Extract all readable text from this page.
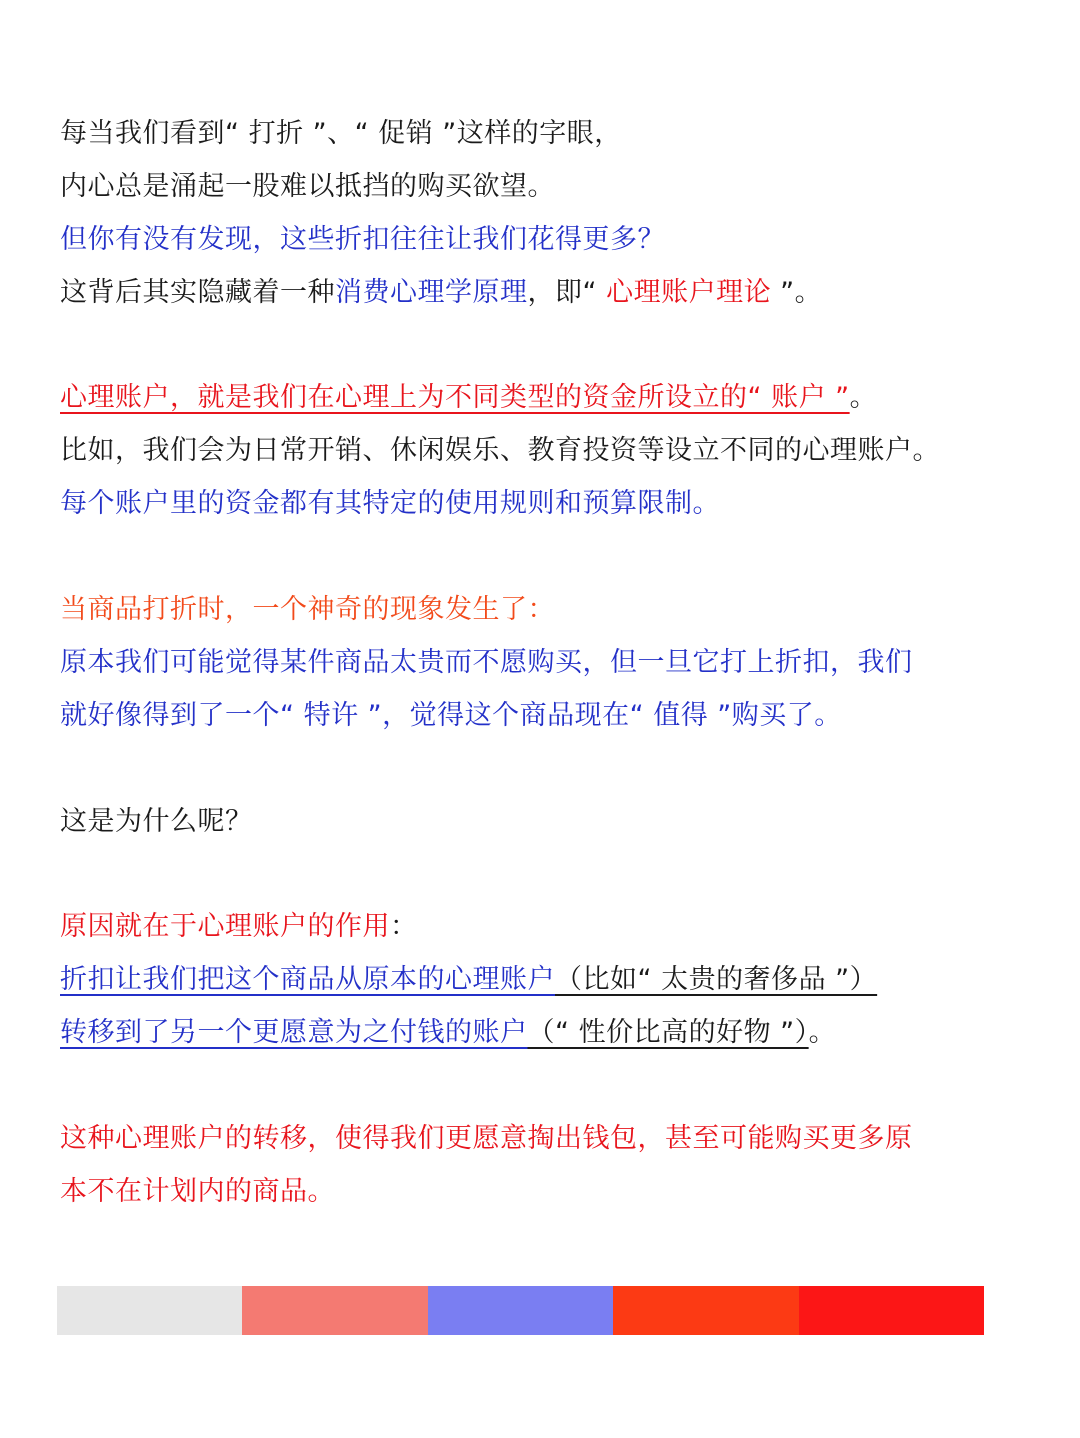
每当我们看到“ 打折 ”、“ 促销 ”这样的字眼，
内心总是涌起一股难以抵挡的购买欲望。
但你有没有发现，这些折扣往往让我们花得更多？
这背后其实隐藏着一种消费心理学原理，即“ 心理账户理论 ”。
心理账户，就是我们在心理上为不同类型的资金所设立的“ 账户 ”。
比如，我们会为日常开销、休闲娱乐、教育投资等设立不同的心理账户。
每个账户里的资金都有其特定的使用规则和预算限制。
当商品打折时，一个神奇的现象发生了：
原本我们可能觉得某件商品太贵而不愿购买，但一旦它打上折扣，我们
就好像得到了一个“ 特许 ”，觉得这个商品现在“ 值得 ”购买了。
这是为什么呢？
原因就在于心理账户的作用：
折扣让我们把这个商品从原本的心理账户（比如“ 太贵的奢侈品 ”）
转移到了另一个更愿意为之付钱的账户（“ 性价比高的好物 ”）。
这种心理账户的转移，使得我们更愿意掏出钱包，甚至可能购买更多原
本不在计划内的商品。
